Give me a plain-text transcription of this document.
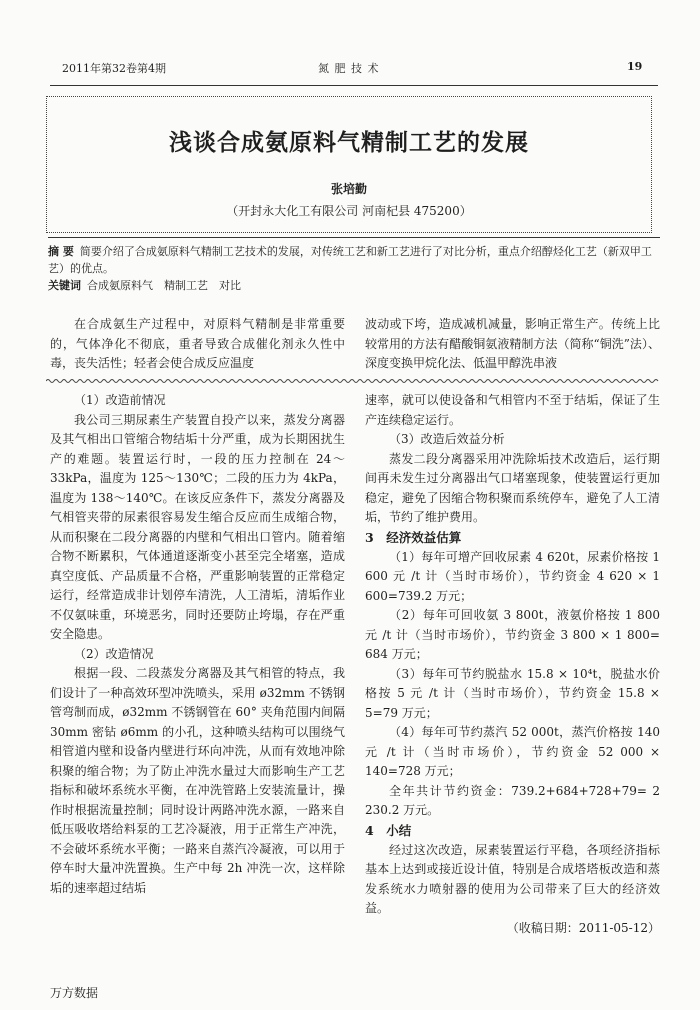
2011年第32卷第4期	氮 肥 技 术	19
浅谈合成氨原料气精制工艺的发展
张培勤
（开封永大化工有限公司 河南杞县 475200）
摘 要 简要介绍了合成氨原料气精制工艺技术的发展，对传统工艺和新工艺进行了对比分析，重点介绍醇烃化工艺（新双甲工艺）的优点。
关键词 合成氨原料气　精制工艺　对比
在合成氨生产过程中，对原料气精制是非常重要的，气体净化不彻底，重者导致合成催化剂永久性中毒，丧失活性；轻者会使合成反应温度
波动或下垮，造成减机减量，影响正常生产。传统上比较常用的方法有醋酸铜氨液精制方法（简称“铜洗”法）、深度变换甲烷化法、低温甲醇洗串液
（1）改造前情况
我公司三期尿素生产装置自投产以来，蒸发分离器及其气相出口管缩合物结垢十分严重，成为长期困扰生产的难题。装置运行时，一段的压力控制在 24～33kPa，温度为 125～130℃；二段的压力为 4kPa，温度为 138～140℃。在该反应条件下，蒸发分离器及气相管夹带的尿素很容易发生缩合反应而生成缩合物，从而积聚在二段分离器的内壁和气相出口管内。随着缩合物不断累积，气体通道逐渐变小甚至完全堵塞，造成真空度低、产品质量不合格，严重影响装置的正常稳定运行，经常造成非计划停车清洗，人工清垢，清垢作业不仅氨味重，环境恶劣，同时还要防止垮塌，存在严重安全隐患。
（2）改造情况
根据一段、二段蒸发分离器及其气相管的特点，我们设计了一种高效环型冲洗喷头，采用 ø32mm 不锈钢管弯制而成，ø32mm 不锈钢管在 60° 夹角范围内间隔 30mm 密钻 ø6mm 的小孔，这种喷头结构可以围绕气相管道内壁和设备内壁进行环向冲洗，从而有效地冲除积聚的缩合物；为了防止冲洗水量过大而影响生产工艺指标和破坏系统水平衡，在冲洗管路上安装流量计，操作时根据流量控制；同时设计两路冲洗水源，一路来自低压吸收塔给料泵的工艺冷凝液，用于正常生产冲洗，不会破坏系统水平衡；一路来自蒸汽冷凝液，可以用于停车时大量冲洗置换。生产中每 2h 冲洗一次，这样除垢的速率超过结垢
速率，就可以使设备和气相管内不至于结垢，保证了生产连续稳定运行。
（3）改造后效益分析
蒸发二段分离器采用冲洗除垢技术改造后，运行期间再未发生过分离器出气口堵塞现象，使装置运行更加稳定，避免了因缩合物积聚而系统停车，避免了人工清垢，节约了维护费用。
3　经济效益估算
（1）每年可增产回收尿素 4 620t，尿素价格按 1 600 元 /t 计（当时市场价），节约资金 4 620 × 1 600=739.2 万元；
（2）每年可回收氨 3 800t，液氨价格按 1 800 元 /t 计（当时市场价），节约资金 3 800 × 1 800= 684 万元；
（3）每年可节约脱盐水 15.8 × 10⁴t，脱盐水价格按 5 元 /t 计（当时市场价），节约资金 15.8 × 5=79 万元；
（4）每年可节约蒸汽 52 000t，蒸汽价格按 140 元 /t 计（当时市场价），节约资金 52 000 × 140=728 万元；
全年共计节约资金：739.2+684+728+79= 2 230.2 万元。
4　小结
经过这次改造，尿素装置运行平稳，各项经济指标基本上达到或接近设计值，特别是合成塔塔板改造和蒸发系统水力喷射器的使用为公司带来了巨大的经济效益。
（收稿日期：2011-05-12）
万方数据
